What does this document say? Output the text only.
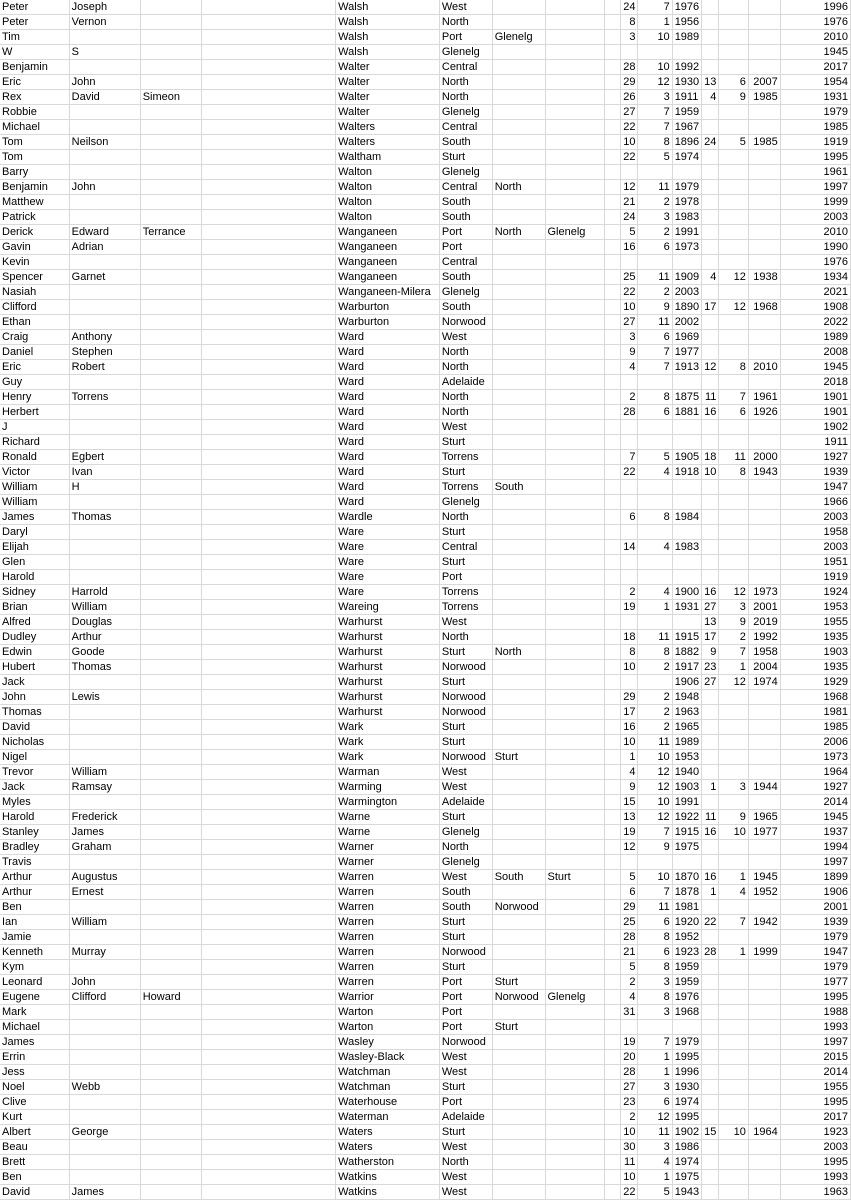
Peter	Joseph			Walsh	West				24	7	1976				1996
Peter	Vernon			Walsh	North				8	1	1956				1976
Tim				Walsh	Port	Glenelg			3	10	1989				2010
W	S			Walsh	Glenelg										1945
Benjamin				Walter	Central				28	10	1992				2017
Eric	John			Walter	North				29	12	1930	13	6	2007	1954
Rex	David	Simeon		Walter	North				26	3	1911	4	9	1985	1931
Robbie				Walter	Glenelg				27	7	1959				1979
Michael				Walters	Central				22	7	1967				1985
Tom	Neilson			Walters	South				10	8	1896	24	5	1985	1919
Tom				Waltham	Sturt				22	5	1974				1995
Barry				Walton	Glenelg										1961
Benjamin	John			Walton	Central	North			12	11	1979				1997
Matthew				Walton	South				21	2	1978				1999
Patrick				Walton	South				24	3	1983				2003
Derick	Edward	Terrance		Wanganeen	Port	North	Glenelg		5	2	1991				2010
Gavin	Adrian			Wanganeen	Port				16	6	1973				1990
Kevin				Wanganeen	Central										1976
Spencer	Garnet			Wanganeen	South				25	11	1909	4	12	1938	1934
Nasiah				Wanganeen-Milera	Glenelg				22	2	2003				2021
Clifford				Warburton	South				10	9	1890	17	12	1968	1908
Ethan				Warburton	Norwood				27	11	2002				2022
Craig	Anthony			Ward	West				3	6	1969				1989
Daniel	Stephen			Ward	North				9	7	1977				2008
Eric	Robert			Ward	North				4	7	1913	12	8	2010	1945
Guy				Ward	Adelaide										2018
Henry	Torrens			Ward	North				2	8	1875	11	7	1961	1901
Herbert				Ward	North				28	6	1881	16	6	1926	1901
J				Ward	West										1902
Richard				Ward	Sturt										1911
Ronald	Egbert			Ward	Torrens				7	5	1905	18	11	2000	1927
Victor	Ivan			Ward	Sturt				22	4	1918	10	8	1943	1939
William	H			Ward	Torrens	South									1947
William				Ward	Glenelg										1966
James	Thomas			Wardle	North				6	8	1984				2003
Daryl				Ware	Sturt										1958
Elijah				Ware	Central				14	4	1983				2003
Glen				Ware	Sturt										1951
Harold				Ware	Port										1919
Sidney	Harrold			Ware	Torrens				2	4	1900	16	12	1973	1924
Brian	William			Wareing	Torrens				19	1	1931	27	3	2001	1953
Alfred	Douglas			Warhurst	West							13	9	2019	1955
Dudley	Arthur			Warhurst	North				18	11	1915	17	2	1992	1935
Edwin	Goode			Warhurst	Sturt	North			8	8	1882	9	7	1958	1903
Hubert	Thomas			Warhurst	Norwood				10	2	1917	23	1	2004	1935
Jack				Warhurst	Sturt						1906	27	12	1974	1929
John	Lewis			Warhurst	Norwood				29	2	1948				1968
Thomas				Warhurst	Norwood				17	2	1963				1981
David				Wark	Sturt				16	2	1965				1985
Nicholas				Wark	Sturt				10	11	1989				2006
Nigel				Wark	Norwood	Sturt			1	10	1953				1973
Trevor	William			Warman	West				4	12	1940				1964
Jack	Ramsay			Warming	West				9	12	1903	1	3	1944	1927
Myles				Warmington	Adelaide				15	10	1991				2014
Harold	Frederick			Warne	Sturt				13	12	1922	11	9	1965	1945
Stanley	James			Warne	Glenelg				19	7	1915	16	10	1977	1937
Bradley	Graham			Warner	North				12	9	1975				1994
Travis				Warner	Glenelg										1997
Arthur	Augustus			Warren	West	South	Sturt		5	10	1870	16	1	1945	1899
Arthur	Ernest			Warren	South				6	7	1878	1	4	1952	1906
Ben				Warren	South	Norwood			29	11	1981				2001
Ian	William			Warren	Sturt				25	6	1920	22	7	1942	1939
Jamie				Warren	Sturt				28	8	1952				1979
Kenneth	Murray			Warren	Norwood				21	6	1923	28	1	1999	1947
Kym				Warren	Sturt				5	8	1959				1979
Leonard	John			Warren	Port	Sturt			2	3	1959				1977
Eugene	Clifford	Howard		Warrior	Port	Norwood	Glenelg		4	8	1976				1995
Mark				Warton	Port				31	3	1968				1988
Michael				Warton	Port	Sturt									1993
James				Wasley	Norwood				19	7	1979				1997
Errin				Wasley-Black	West				20	1	1995				2015
Jess				Watchman	West				28	1	1996				2014
Noel	Webb			Watchman	Sturt				27	3	1930				1955
Clive				Waterhouse	Port				23	6	1974				1995
Kurt				Waterman	Adelaide				2	12	1995				2017
Albert	George			Waters	Sturt				10	11	1902	15	10	1964	1923
Beau				Waters	West				30	3	1986				2003
Brett				Watherston	North				11	4	1974				1995
Ben				Watkins	West				10	1	1975				1993
David	James			Watkins	West				22	5	1943				1963
